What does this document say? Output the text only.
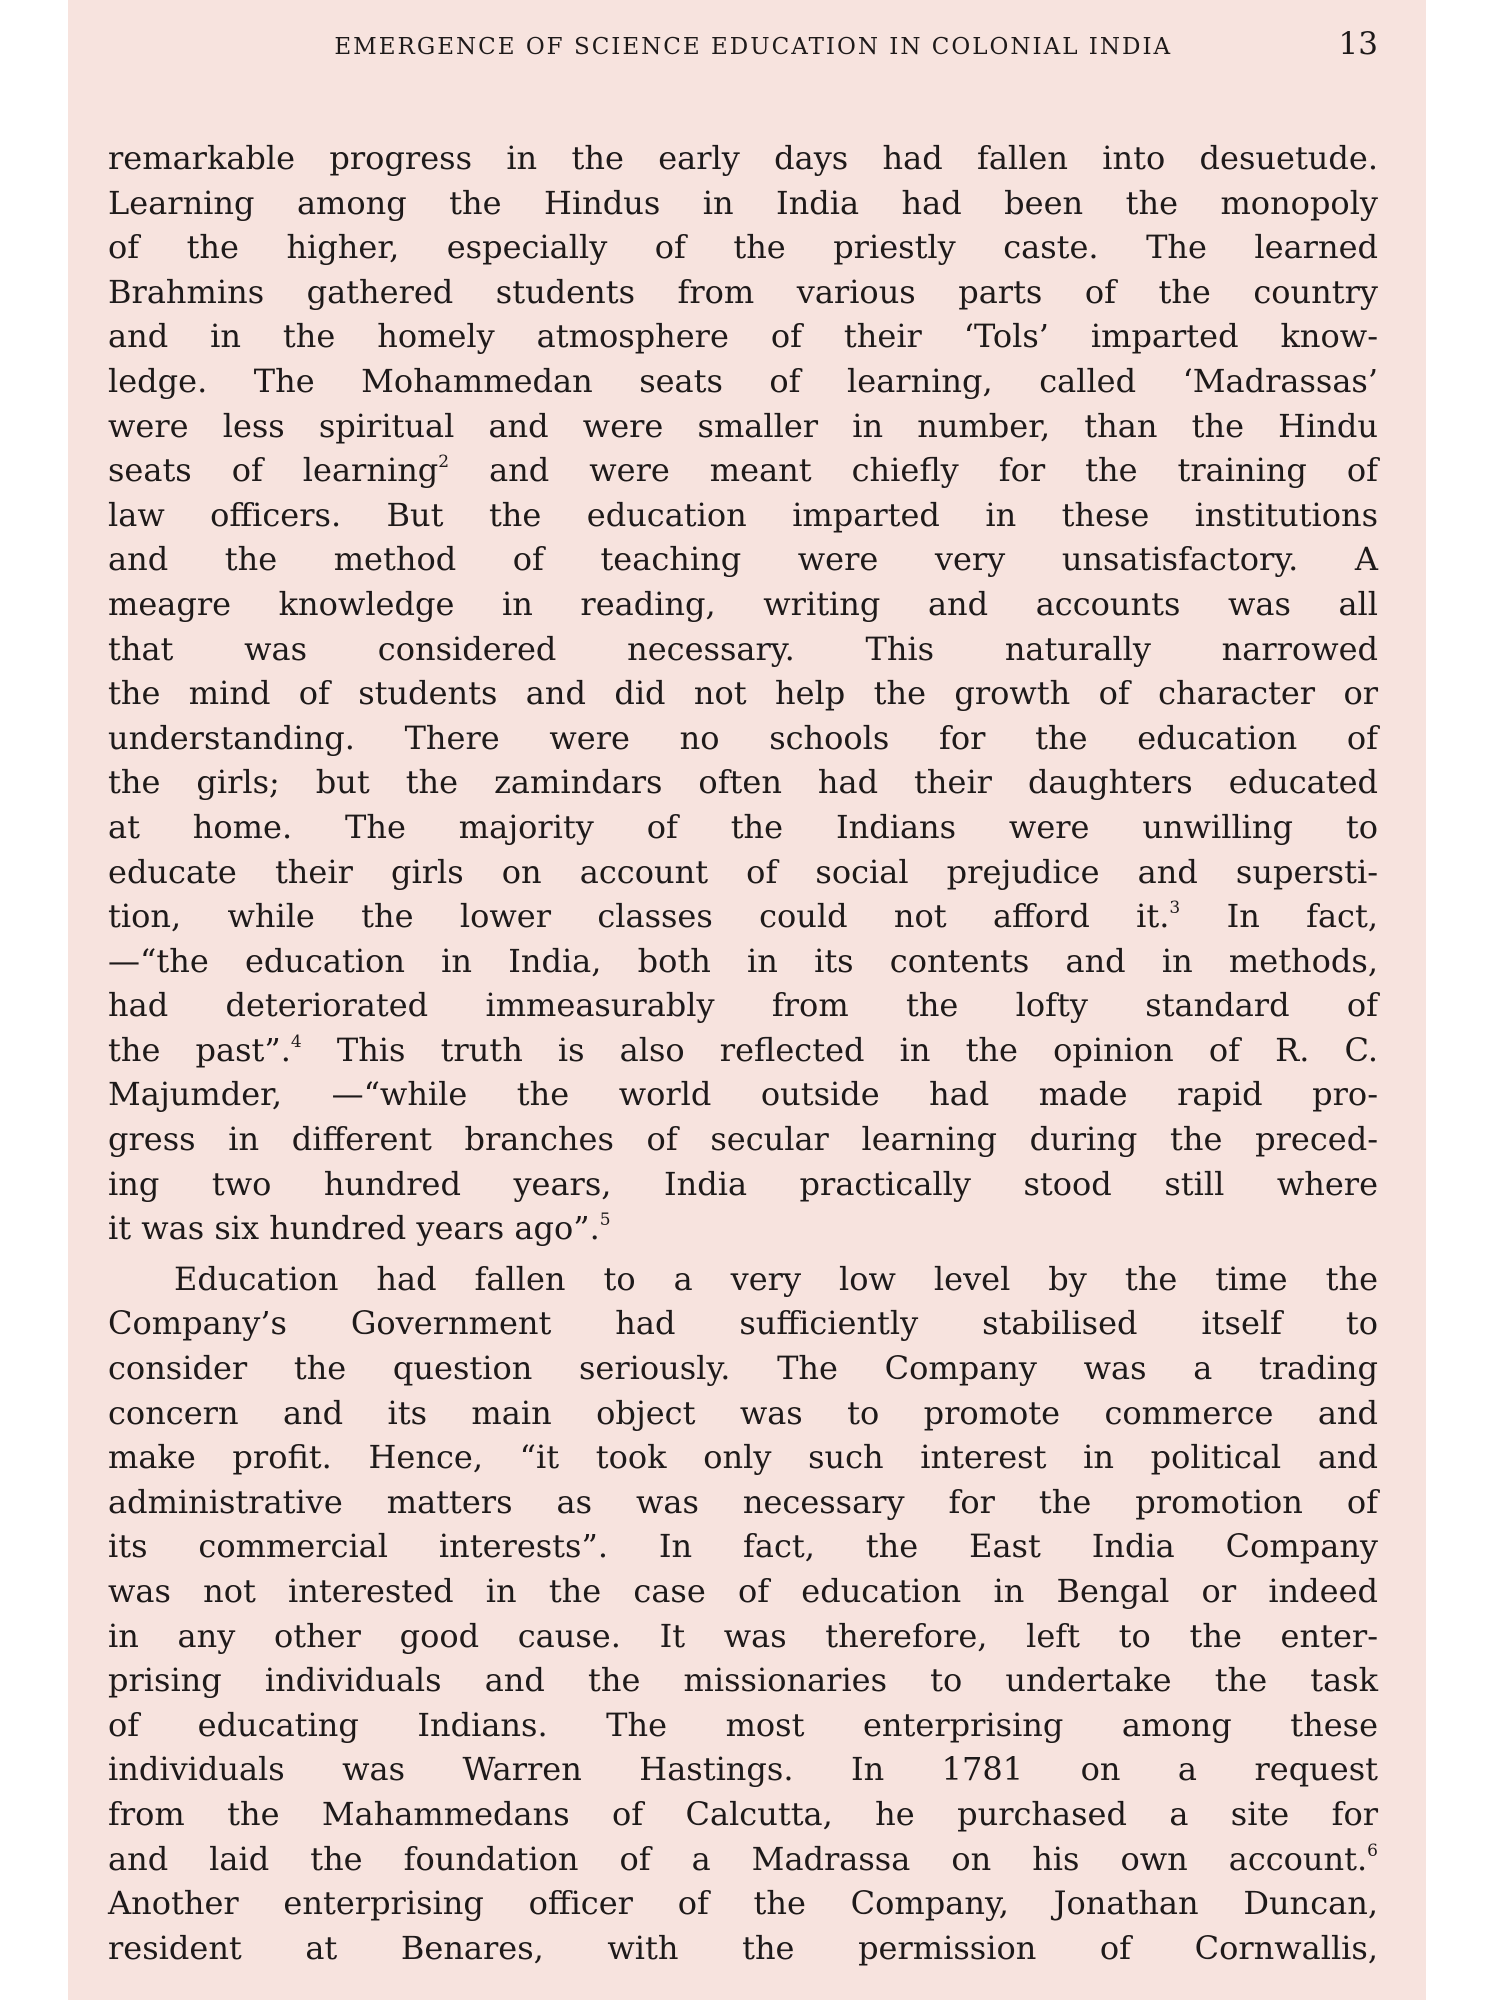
EMERGENCE OF SCIENCE EDUCATION IN COLONIAL INDIA	13

remarkable progress in the early days had fallen into desuetude.
Learning among the Hindus in India had been the monopoly
of the higher, especially of the priestly caste. The learned
Brahmins gathered students from various parts of the country
and in the homely atmosphere of their ‘Tols’ imparted know-
ledge. The Mohammedan seats of learning, called ‘Madrassas’
were less spiritual and were smaller in number, than the Hindu
seats of learning$^2$ and were meant chiefly for the training of
law officers. But the education imparted in these institutions
and the method of teaching were very unsatisfactory. A
meagre knowledge in reading, writing and accounts was all
that was considered necessary. This naturally narrowed
the mind of students and did not help the growth of character or
understanding. There were no schools for the education of
the girls; but the zamindars often had their daughters educated
at home. The majority of the Indians were unwilling to
educate their girls on account of social prejudice and supersti-
tion, while the lower classes could not afford it.$^3$ In fact,
—“the education in India, both in its contents and in methods,
had deteriorated immeasurably from the lofty standard of
the past”.$^4$ This truth is also reflected in the opinion of R. C.
Majumder, —“while the world outside had made rapid pro-
gress in different branches of secular learning during the preced-
ing two hundred years, India practically stood still where
it was six hundred years ago”.$^5$

Education had fallen to a very low level by the time the
Company’s Government had sufficiently stabilised itself to
consider the question seriously. The Company was a trading
concern and its main object was to promote commerce and
make profit. Hence, “it took only such interest in political and
administrative matters as was necessary for the promotion of
its commercial interests”. In fact, the East India Company
was not interested in the case of education in Bengal or indeed
in any other good cause. It was therefore, left to the enter-
prising individuals and the missionaries to undertake the task
of educating Indians. The most enterprising among these
individuals was Warren Hastings. In 1781 on a request
from the Mahammedans of Calcutta, he purchased a site for
and laid the foundation of a Madrassa on his own account.$^6$
Another enterprising officer of the Company, Jonathan Duncan,
resident at Benares, with the permission of Cornwallis,
